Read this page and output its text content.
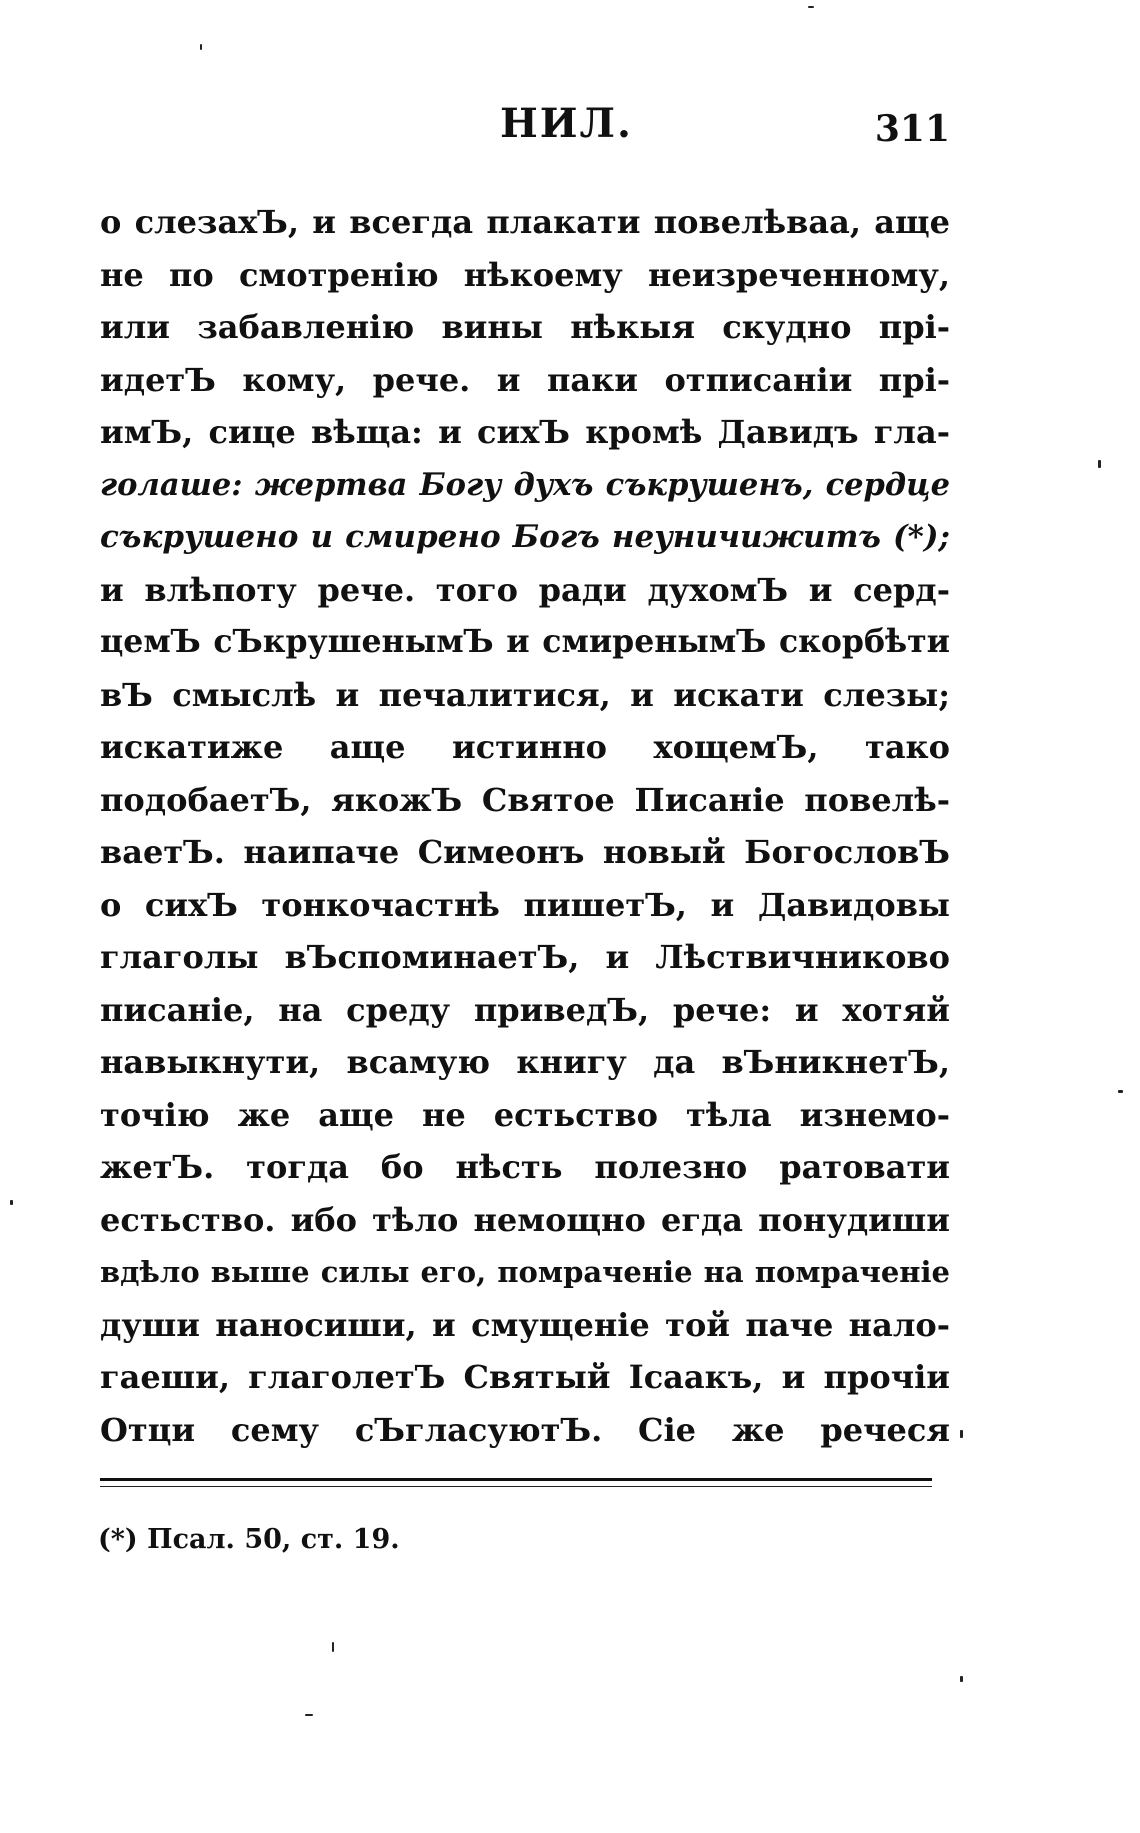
НИЛ.	311
о слезахЪ, и всегда плакати повелѣваа, аще
не по смотренію нѣкоему неизреченному,
или забавленію вины нѣкыя скудно прі-
идетЪ кому, рече. и паки отписаніи прі-
имЪ, сице вѣща: и сихЪ кромѣ Давидъ гла-
голаше: жертва Богу духъ съкрушенъ, сердце
съкрушено и смирено Богъ неуничижитъ (*);
и влѣпоту рече. того ради духомЪ и серд-
цемЪ сЪкрушенымЪ и смиренымЪ скорбѣти
вЪ смыслѣ и печалитися, и искати слезы;
искатиже аще истинно хощемЪ, тако
подобаетЪ, якожЪ Святое Писаніе повелѣ-
ваетЪ. наипаче Симеонъ новый БогословЪ
о сихЪ тонкочастнѣ пишетЪ, и Давидовы
глаголы вЪспоминаетЪ, и Лѣствичниково
писаніе, на среду приведЪ, рече: и хотяй
навыкнути, всамую книгу да вЪникнетЪ,
точію же аще не естьство тѣла изнемо-
жетЪ. тогда бо нѣсть полезно ратовати
естьство. ибо тѣло немощно егда понудиши
вдѣло выше силы его, помраченіе на помраченіе
души наносиши, и смущеніе той паче нало-
гаеши, глаголетЪ Святый Ісаакъ, и прочіи
Отци сему сЪгласуютЪ. Сіе же речеся
(*) Псал. 50, ст. 19.
